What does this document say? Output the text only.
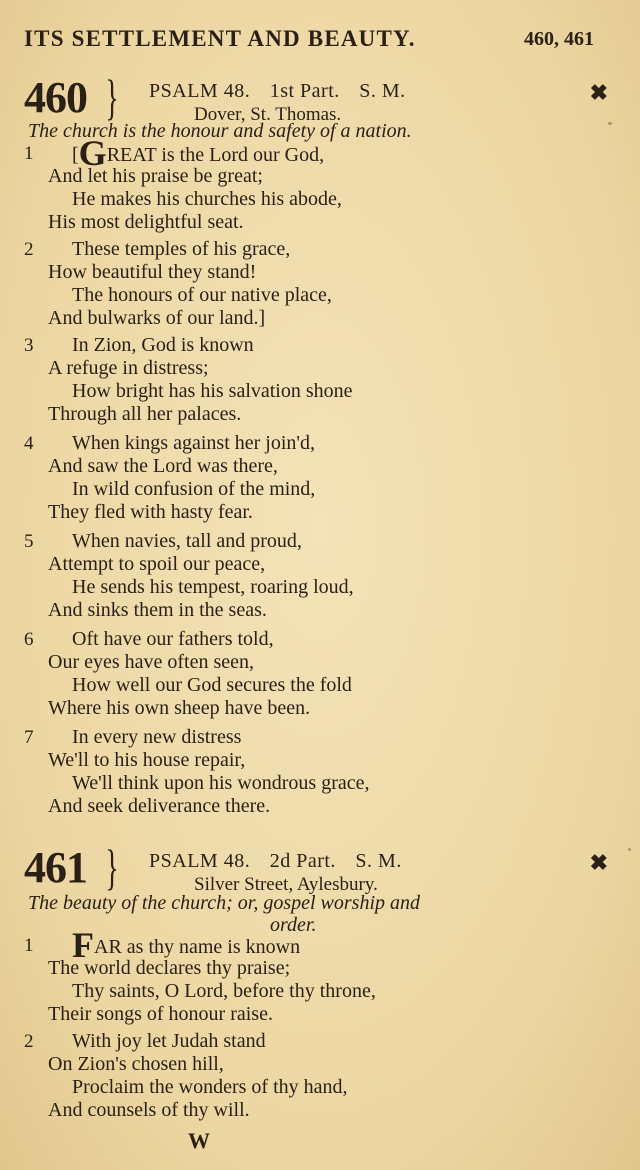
ITS SETTLEMENT AND BEAUTY.	460, 461
460 } PSALM 48. 1st Part. S. M.
Dover, St. Thomas.
✖
The church is the honour and safety of a nation.
1 [GREAT is the Lord our God,
And let his praise be great;
He makes his churches his abode,
His most delightful seat.
2 These temples of his grace,
How beautiful they stand!
The honours of our native place,
And bulwarks of our land.]
3 In Zion, God is known
A refuge in distress;
How bright has his salvation shone
Through all her palaces.
4 When kings against her join'd,
And saw the Lord was there,
In wild confusion of the mind,
They fled with hasty fear.
5 When navies, tall and proud,
Attempt to spoil our peace,
He sends his tempest, roaring loud,
And sinks them in the seas.
6 Oft have our fathers told,
Our eyes have often seen,
How well our God secures the fold
Where his own sheep have been.
7 In every new distress
We'll to his house repair,
We'll think upon his wondrous grace,
And seek deliverance there.
461 } PSALM 48. 2d Part. S. M.
Silver Street, Aylesbury.
✖
The beauty of the church; or, gospel worship and
order.
1 FAR as thy name is known
The world declares thy praise;
Thy saints, O Lord, before thy throne,
Their songs of honour raise.
2 With joy let Judah stand
On Zion's chosen hill,
Proclaim the wonders of thy hand,
And counsels of thy will.
W
